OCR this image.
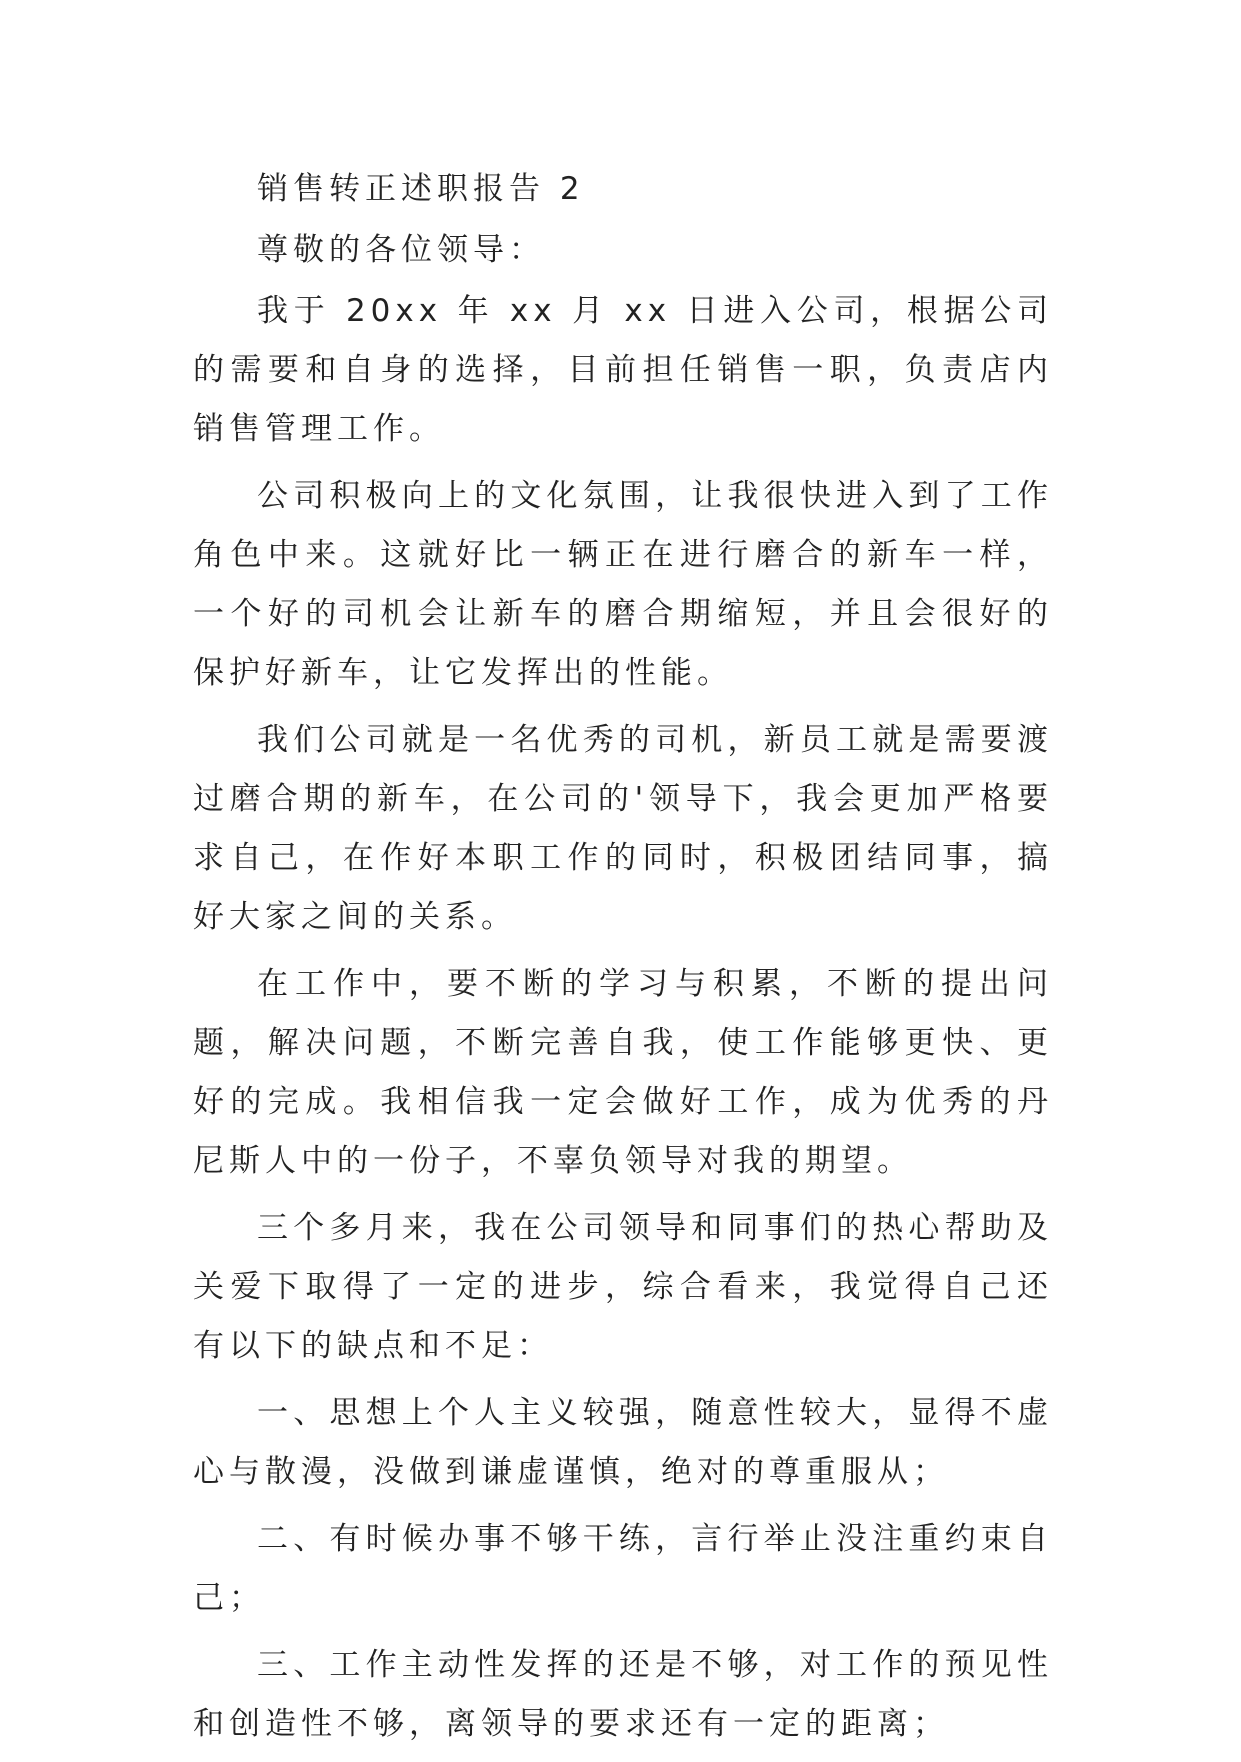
销售转正述职报告 2

尊敬的各位领导：

我于 20xx 年 xx 月 xx 日进入公司，根据公司的需要和自身的选择，目前担任销售一职，负责店内销售管理工作。

公司积极向上的文化氛围，让我很快进入到了工作角色中来。这就好比一辆正在进行磨合的新车一样，一个好的司机会让新车的磨合期缩短，并且会很好的保护好新车，让它发挥出的性能。

我们公司就是一名优秀的司机，新员工就是需要渡过磨合期的新车，在公司的'领导下，我会更加严格要求自己，在作好本职工作的同时，积极团结同事，搞好大家之间的关系。

在工作中，要不断的学习与积累，不断的提出问题，解决问题，不断完善自我，使工作能够更快、更好的完成。我相信我一定会做好工作，成为优秀的丹尼斯人中的一份子，不辜负领导对我的期望。

三个多月来，我在公司领导和同事们的热心帮助及关爱下取得了一定的进步，综合看来，我觉得自己还有以下的缺点和不足：

一、思想上个人主义较强，随意性较大，显得不虚心与散漫，没做到谦虚谨慎，绝对的尊重服从；

二、有时候办事不够干练，言行举止没注重约束自己；

三、工作主动性发挥的还是不够，对工作的预见性和创造性不够，离领导的要求还有一定的距离；
